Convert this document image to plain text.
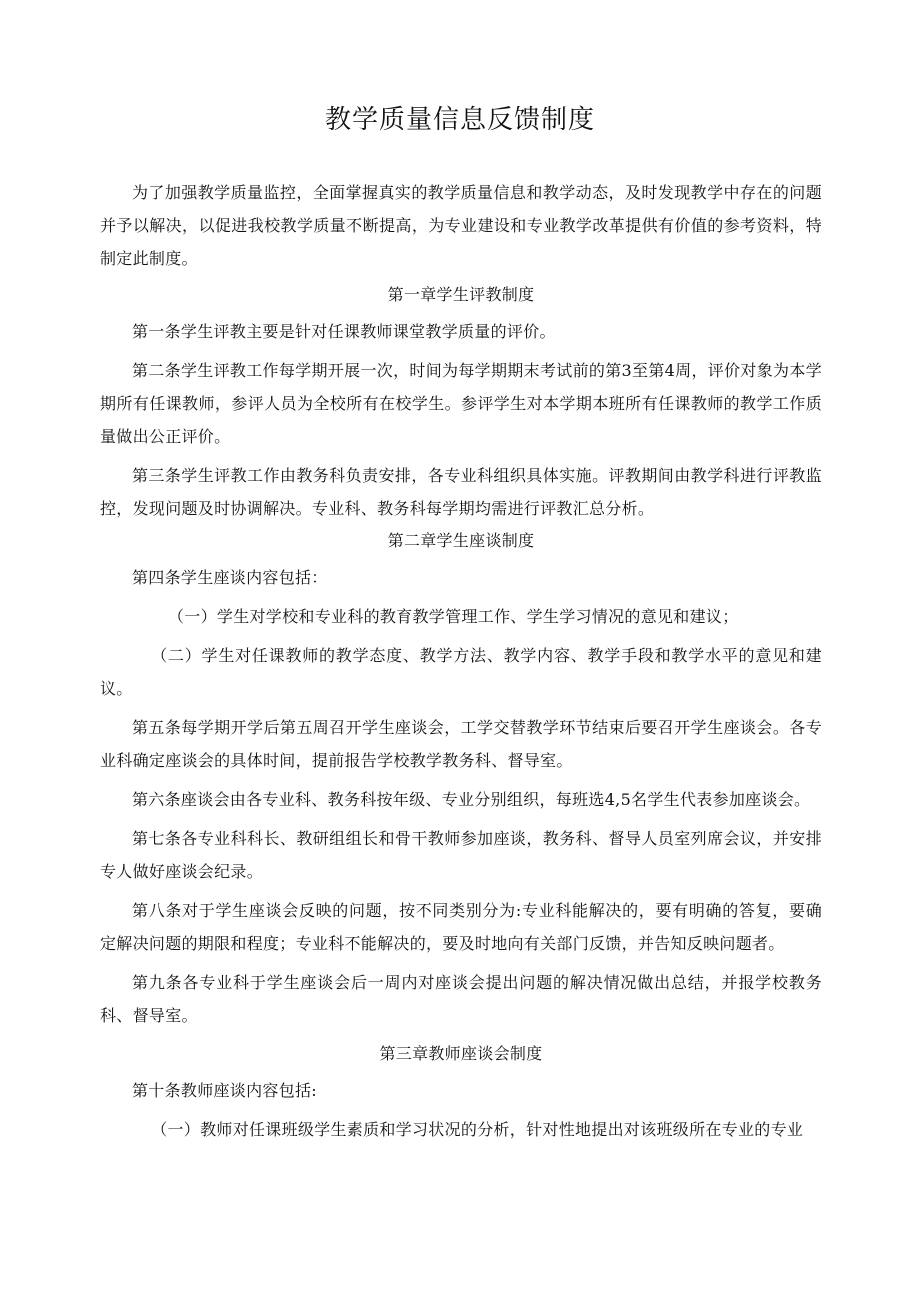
教学质量信息反馈制度

为了加强教学质量监控，全面掌握真实的教学质量信息和教学动态，及时发现教学中存在的问题并予以解决，以促进我校教学质量不断提高，为专业建设和专业教学改革提供有价值的参考资料，特制定此制度。

第一章学生评教制度

第一条学生评教主要是针对任课教师课堂教学质量的评价。

第二条学生评教工作每学期开展一次，时间为每学期期末考试前的第3至第4周，评价对象为本学期所有任课教师，参评人员为全校所有在校学生。参评学生对本学期本班所有任课教师的教学工作质量做出公正评价。

第三条学生评教工作由教务科负责安排，各专业科组织具体实施。评教期间由教学科进行评教监控，发现问题及时协调解决。专业科、教务科每学期均需进行评教汇总分析。

第二章学生座谈制度

第四条学生座谈内容包括：

（一）学生对学校和专业科的教育教学管理工作、学生学习情况的意见和建议；

（二）学生对任课教师的教学态度、教学方法、教学内容、教学手段和教学水平的意见和建议。

第五条每学期开学后第五周召开学生座谈会，工学交替教学环节结束后要召开学生座谈会。各专业科确定座谈会的具体时间，提前报告学校教学教务科、督导室。

第六条座谈会由各专业科、教务科按年级、专业分别组织，每班选4,5名学生代表参加座谈会。

第七条各专业科科长、教研组组长和骨干教师参加座谈，教务科、督导人员室列席会议，并安排专人做好座谈会纪录。

第八条对于学生座谈会反映的问题，按不同类别分为:专业科能解决的，要有明确的答复，要确定解决问题的期限和程度；专业科不能解决的，要及时地向有关部门反馈，并告知反映问题者。

第九条各专业科于学生座谈会后一周内对座谈会提出问题的解决情况做出总结，并报学校教务科、督导室。

第三章教师座谈会制度

第十条教师座谈内容包括:

（一）教师对任课班级学生素质和学习状况的分析，针对性地提出对该班级所在专业的专业
